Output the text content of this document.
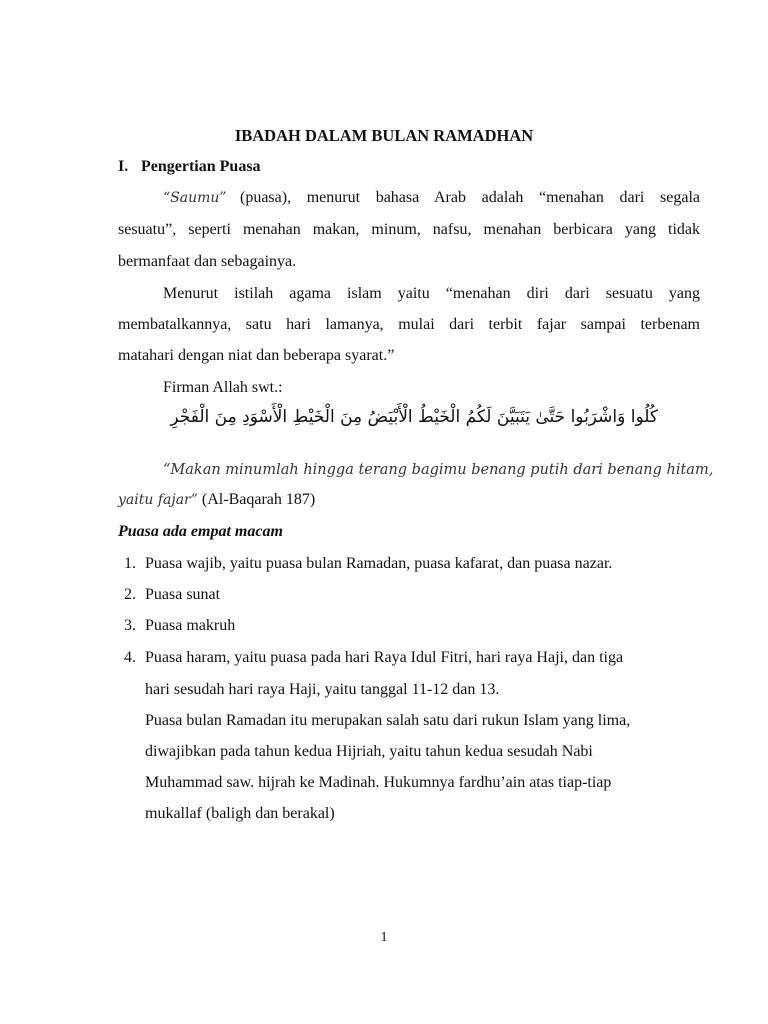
IBADAH DALAM BULAN RAMADHAN
I. Pengertian Puasa
“Saumu” (puasa), menurut bahasa Arab adalah “menahan dari segala
sesuatu”, seperti menahan makan, minum, nafsu, menahan berbicara yang tidak
bermanfaat dan sebagainya.
Menurut istilah agama islam yaitu “menahan diri dari sesuatu yang
membatalkannya, satu hari lamanya, mulai dari terbit fajar sampai terbenam
matahari dengan niat dan beberapa syarat.”
Firman Allah swt.:
كُلُوا وَاشْرَبُوا حَتَّىٰ يَتَبَيَّنَ لَكُمُ الْخَيْطُ الْأَبْيَضُ مِنَ الْخَيْطِ الْأَسْوَدِ مِنَ الْفَجْرِ
“Makan minumlah hingga terang bagimu benang putih dari benang hitam,
yaitu fajar” (Al-Baqarah 187)
Puasa ada empat macam
1. Puasa wajib, yaitu puasa bulan Ramadan, puasa kafarat, dan puasa nazar.
2. Puasa sunat
3. Puasa makruh
4. Puasa haram, yaitu puasa pada hari Raya Idul Fitri, hari raya Haji, dan tiga
hari sesudah hari raya Haji, yaitu tanggal 11-12 dan 13.
Puasa bulan Ramadan itu merupakan salah satu dari rukun Islam yang lima,
diwajibkan pada tahun kedua Hijriah, yaitu tahun kedua sesudah Nabi
Muhammad saw. hijrah ke Madinah. Hukumnya fardhu’ain atas tiap-tiap
mukallaf (baligh dan berakal)
1
